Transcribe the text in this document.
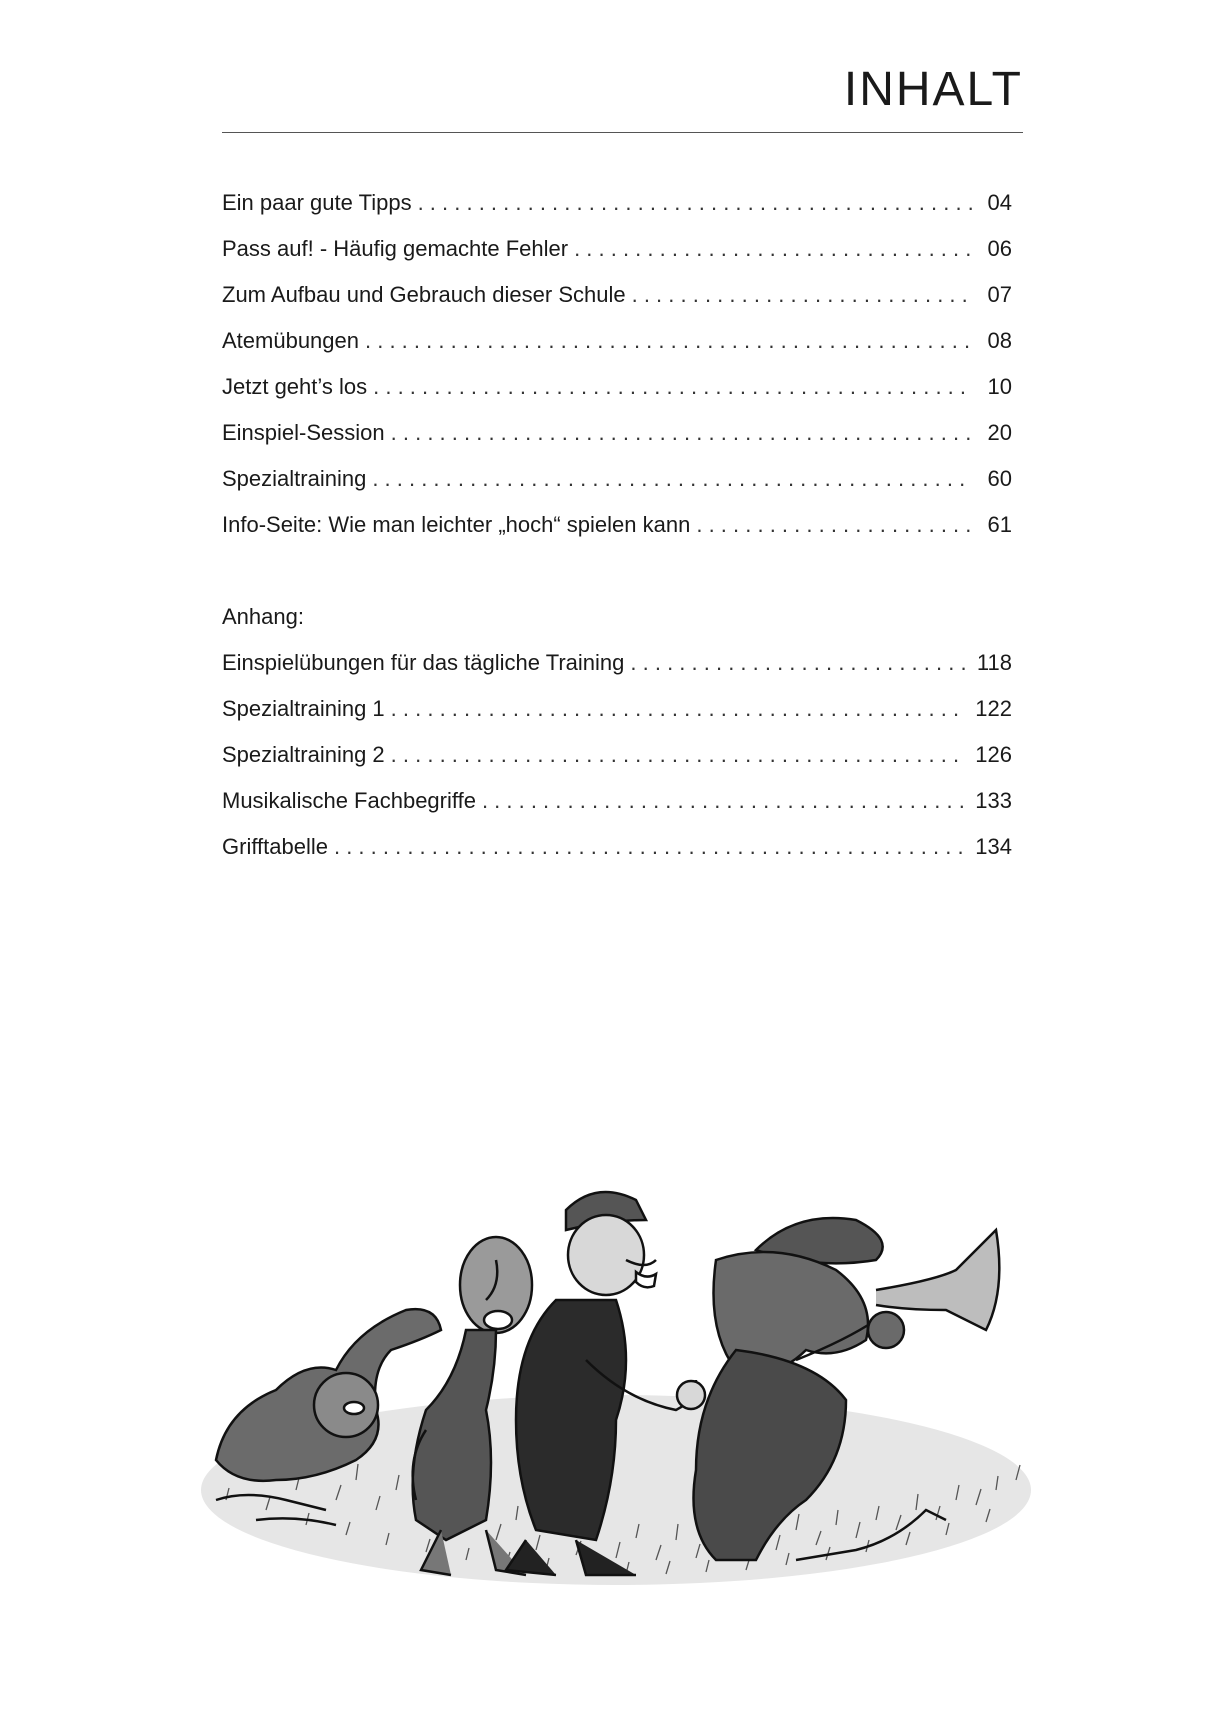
INHALT
Ein paar gute Tipps . . .	04
Pass auf! - Häufig gemachte Fehler . . .	06
Zum Aufbau und Gebrauch dieser Schule . . .	07
Atemübungen . . .	08
Jetzt geht’s los . . .	10
Einspiel-Session . . .	20
Spezialtraining . . .	60
Info-Seite: Wie man leichter „hoch“ spielen kann . . .	61
Anhang:
Einspielübungen für das tägliche Training . . .	118
Spezialtraining 1 . . .	122
Spezialtraining 2 . . .	126
Musikalische Fachbegriffe . . .	133
Grifftabelle . . .	134
